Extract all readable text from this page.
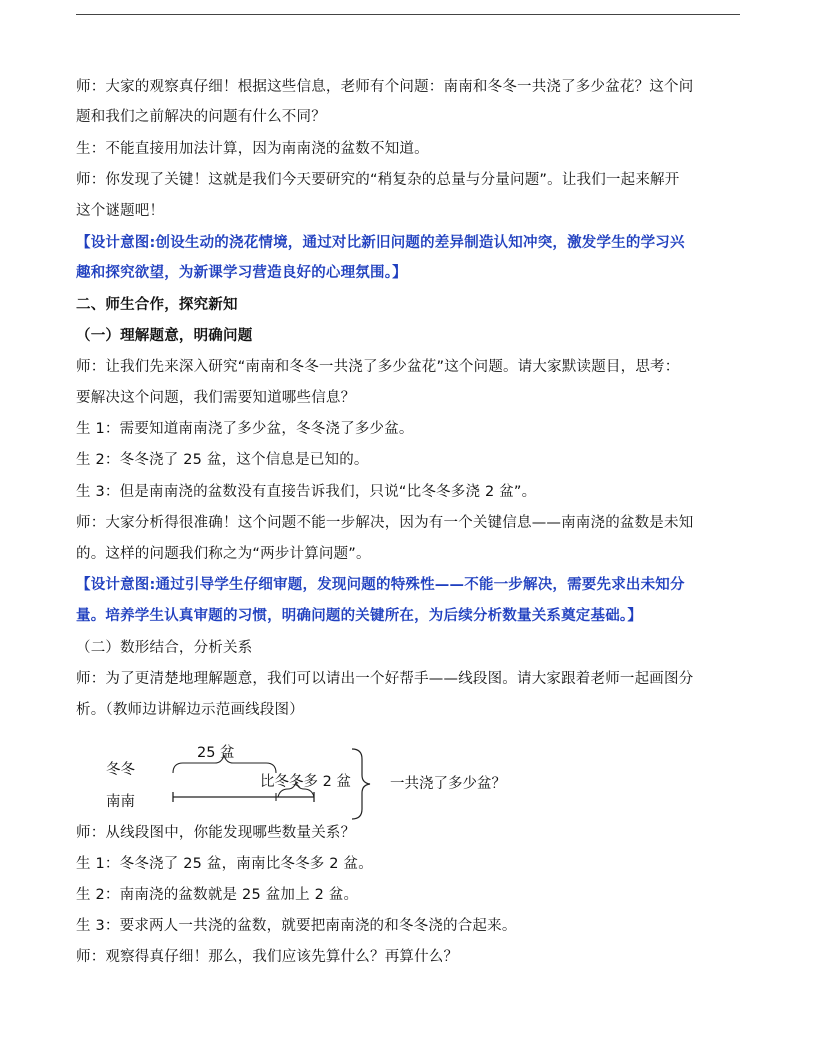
师：大家的观察真仔细！根据这些信息，老师有个问题：南南和冬冬一共浇了多少盆花？这个问
题和我们之前解决的问题有什么不同？
生：不能直接用加法计算，因为南南浇的盆数不知道。
师：你发现了关键！这就是我们今天要研究的“稍复杂的总量与分量问题”。让我们一起来解开
这个谜题吧！
【设计意图:创设生动的浇花情境，通过对比新旧问题的差异制造认知冲突，激发学生的学习兴
趣和探究欲望，为新课学习营造良好的心理氛围。】
二、师生合作，探究新知
（一）理解题意，明确问题
师：让我们先来深入研究“南南和冬冬一共浇了多少盆花”这个问题。请大家默读题目，思考：
要解决这个问题，我们需要知道哪些信息？
生 1：需要知道南南浇了多少盆，冬冬浇了多少盆。
生 2：冬冬浇了 25 盆，这个信息是已知的。
生 3：但是南南浇的盆数没有直接告诉我们，只说“比冬冬多浇 2 盆”。
师：大家分析得很准确！这个问题不能一步解决，因为有一个关键信息——南南浇的盆数是未知
的。这样的问题我们称之为“两步计算问题”。
【设计意图:通过引导学生仔细审题，发现问题的特殊性——不能一步解决，需要先求出未知分
量。培养学生认真审题的习惯，明确问题的关键所在，为后续分析数量关系奠定基础。】
（二）数形结合，分析关系
师：为了更清楚地理解题意，我们可以请出一个好帮手——线段图。请大家跟着老师一起画图分
析。（教师边讲解边示范画线段图）
冬冬
南南
25 盆
比冬冬多 2 盆	一共浇了多少盆？
师：从线段图中，你能发现哪些数量关系？
生 1：冬冬浇了 25 盆，南南比冬冬多 2 盆。
生 2：南南浇的盆数就是 25 盆加上 2 盆。
生 3：要求两人一共浇的盆数，就要把南南浇的和冬冬浇的合起来。
师：观察得真仔细！那么，我们应该先算什么？再算什么？
